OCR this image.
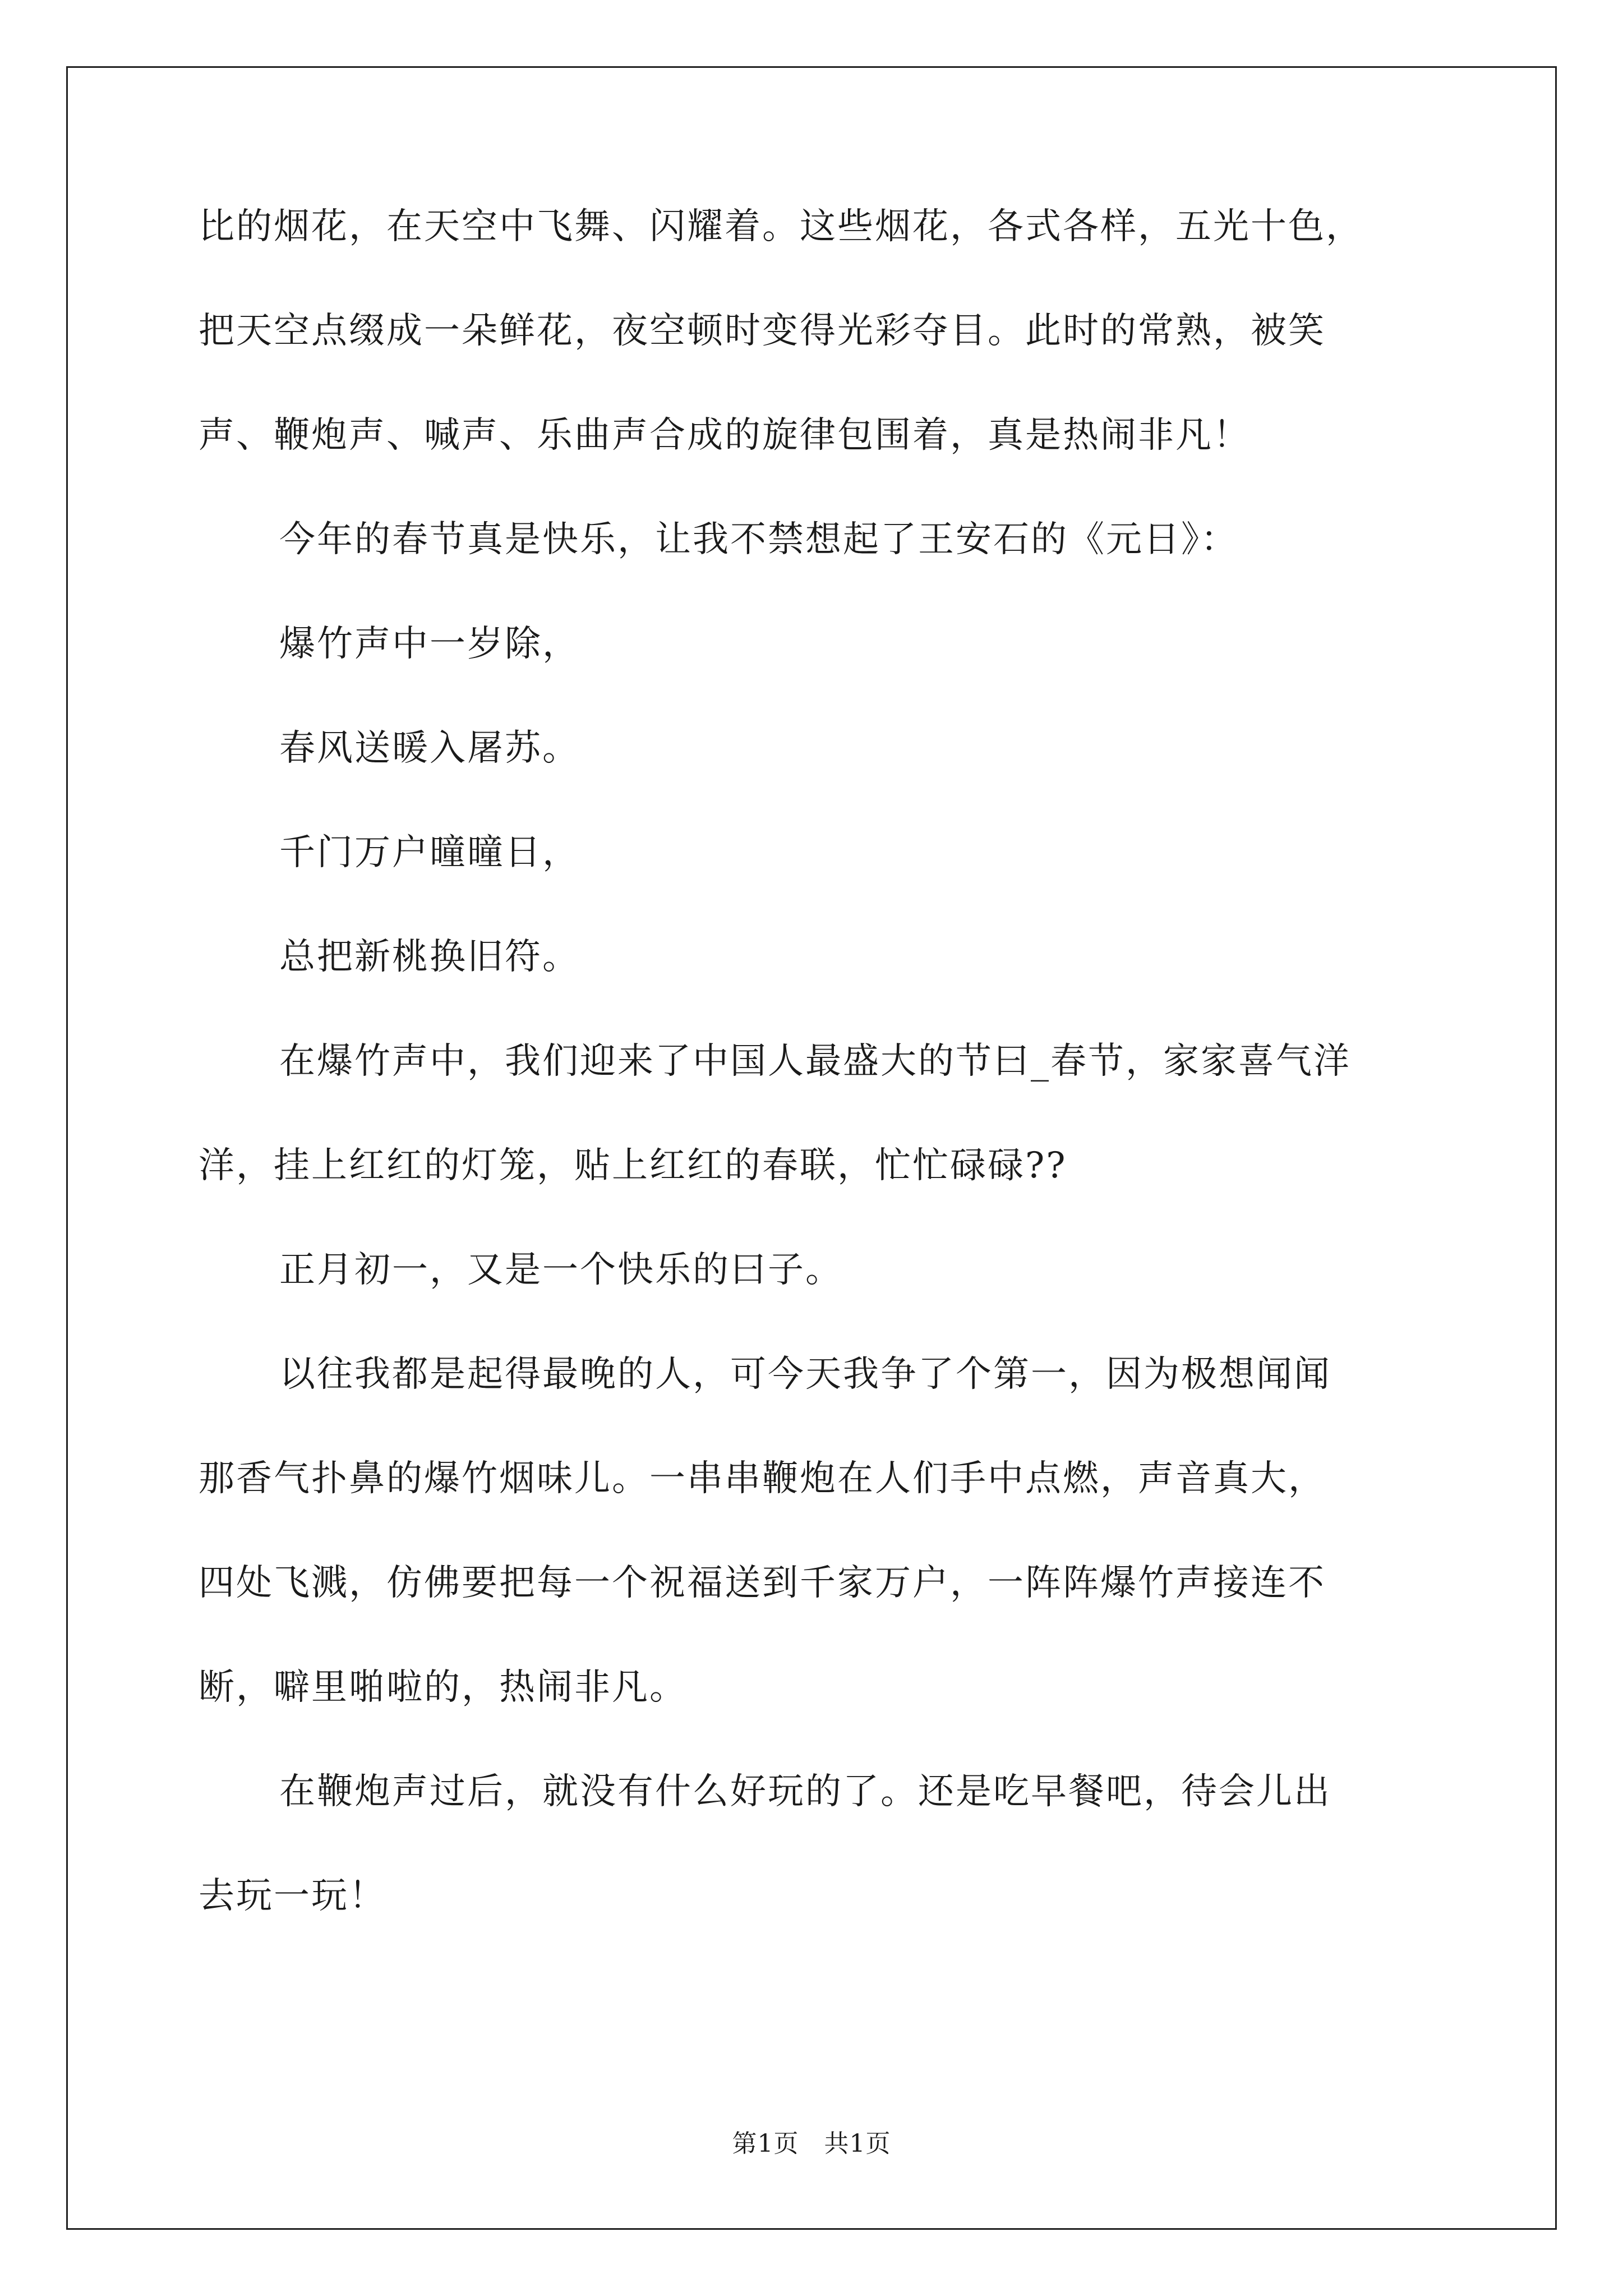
比的烟花，在天空中飞舞、闪耀着。这些烟花，各式各样，五光十色，

把天空点缀成一朵鲜花，夜空顿时变得光彩夺目。此时的常熟，被笑

声、鞭炮声、喊声、乐曲声合成的旋律包围着，真是热闹非凡！

今年的春节真是快乐，让我不禁想起了王安石的《元日》：

爆竹声中一岁除，

春风送暖入屠苏。

千门万户曈曈日，

总把新桃换旧符。

在爆竹声中，我们迎来了中国人最盛大的节曰_春节，家家喜气洋

洋，挂上红红的灯笼，贴上红红的春联，忙忙碌碌??

正月初一，又是一个快乐的曰子。

以往我都是起得最晚的人，可今天我争了个第一，因为极想闻闻

那香气扑鼻的爆竹烟味儿。一串串鞭炮在人们手中点燃，声音真大，

四处飞溅，仿佛要把每一个祝福送到千家万户，一阵阵爆竹声接连不

断，噼里啪啦的，热闹非凡。

在鞭炮声过后，就没有什么好玩的了。还是吃早餐吧，待会儿出

去玩一玩！

第1页　共1页
